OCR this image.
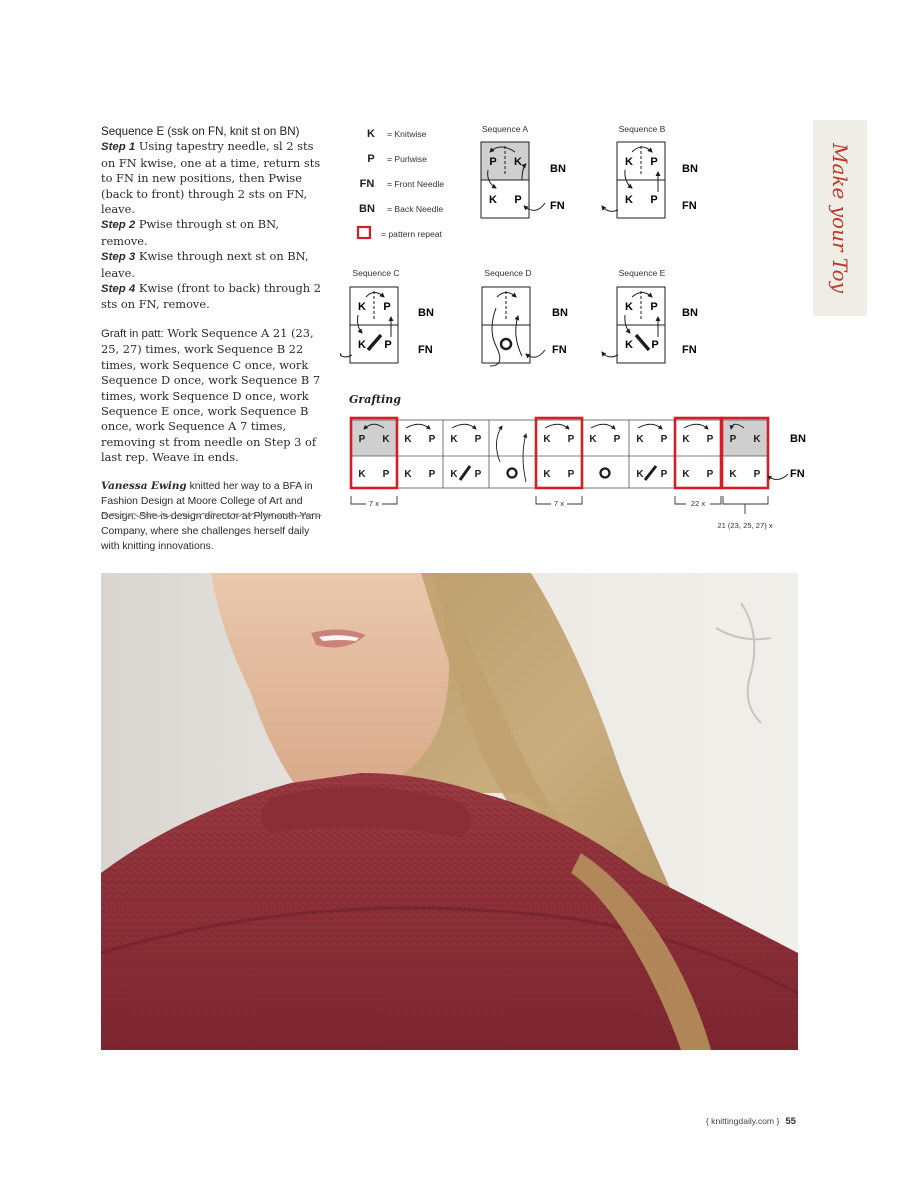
Sequence E (ssk on FN, knit st on BN)
Step 1 Using tapestry needle, sl 2 sts on FN kwise, one at a time, return sts to FN in new positions, then Pwise (back to front) through 2 sts on FN, leave.
Step 2 Pwise through st on BN, remove.
Step 3 Kwise through next st on BN, leave.
Step 4 Kwise (front to back) through 2 sts on FN, remove.

Graft in patt: Work Sequence A 21 (23, 25, 27) times, work Sequence B 22 times, work Sequence C once, work Sequence D once, work Sequence B 7 times, work Sequence D once, work Sequence E once, work Sequence B once, work Sequence A 7 times, removing st from needle on Step 3 of last rep. Weave in ends.

Vanessa Ewing knitted her way to a BFA in Fashion Design at Moore College of Art and Design. She is design director at Plymouth Yarn Company, where she challenges herself daily with knitting innovations.

Make your Toy
K = Knitwise
P = Purlwise
FN = Front Needle
BN = Back Needle
= pattern repeat
Sequence A
P K
K P
BN
FN
Sequence B
K P
K P
BN
FN
Sequence C
K P
K P
BN
FN
Sequence D
BN
FN
Sequence E
K P
K P
BN
FN
Grafting
P K
K P
K P
K P
K P
K P
K P
K P
K P K P
K P
K P
K P
P K
K P
BN
FN
7 x	7 x	22 x
21 (23, 25, 27) x
{ knittingdaily.com } 55
